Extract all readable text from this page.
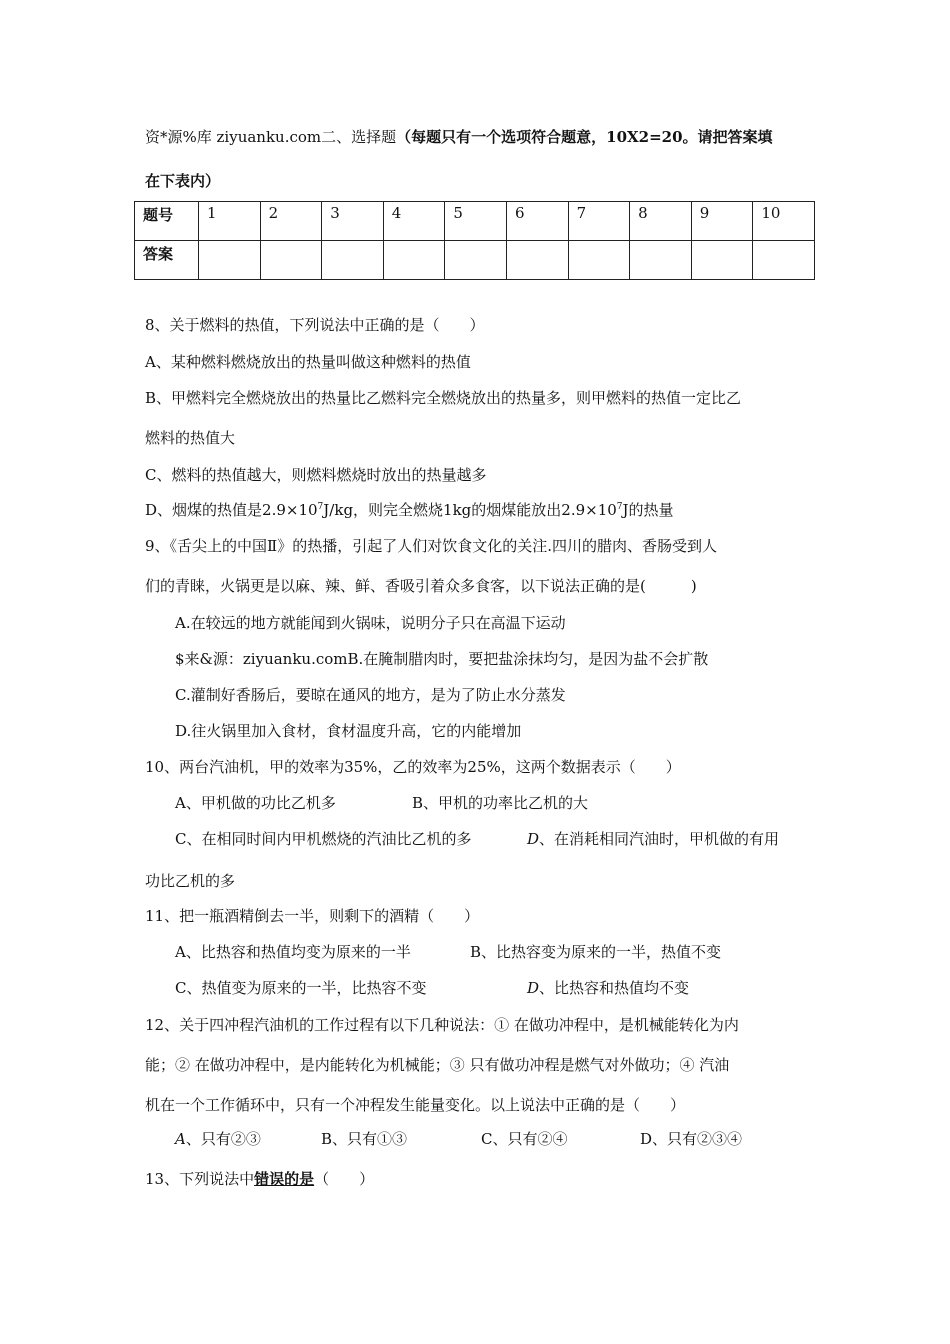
资*源%库 ziyuanku.com二、选择题（每题只有一个选项符合题意，10X2=20。请把答案填
在下表内）
题号	1	2	3	4	5	6	7	8	9	10
答案										
8、关于燃料的热值，下列说法中正确的是（　　）
A、某种燃料燃烧放出的热量叫做这种燃料的热值
B、甲燃料完全燃烧放出的热量比乙燃料完全燃烧放出的热量多，则甲燃料的热值一定比乙
燃料的热值大
C、燃料的热值越大，则燃料燃烧时放出的热量越多
D、烟煤的热值是$2.9\times 10^7J/kg$，则完全燃烧1kg的烟煤能放出$2.9\times 10^7J$的热量
9、《舌尖上的中国Ⅱ》的热播，引起了人们对饮食文化的关注.四川的腊肉、香肠受到人
们的青睐，火锅更是以麻、辣、鲜、香吸引着众多食客，以下说法正确的是(　　　)
A.在较远的地方就能闻到火锅味，说明分子只在高温下运动
$来&源：ziyuanku.comB.在腌制腊肉时，要把盐涂抹均匀，是因为盐不会扩散
C.灌制好香肠后，要晾在通风的地方，是为了防止水分蒸发
D.往火锅里加入食材，食材温度升高，它的内能增加
10、两台汽油机，甲的效率为35%，乙的效率为25%，这两个数据表示（　　）
A、甲机做的功比乙机多	B、甲机的功率比乙机的大
C、在相同时间内甲机燃烧的汽油比乙机的多	D、在消耗相同汽油时，甲机做的有用
功比乙机的多
11、把一瓶酒精倒去一半，则剩下的酒精（　　）
A、比热容和热值均变为原来的一半	B、比热容变为原来的一半，热值不变
C、热值变为原来的一半，比热容不变	D、比热容和热值均不变
12、关于四冲程汽油机的工作过程有以下几种说法：① 在做功冲程中，是机械能转化为内
能；② 在做功冲程中，是内能转化为机械能；③ 只有做功冲程是燃气对外做功；④ 汽油
机在一个工作循环中，只有一个冲程发生能量变化。以上说法中正确的是（　　）
A、只有②③	B、只有①③	C、只有②④	D、只有②③④
13、下列说法中错误的是（　　）
